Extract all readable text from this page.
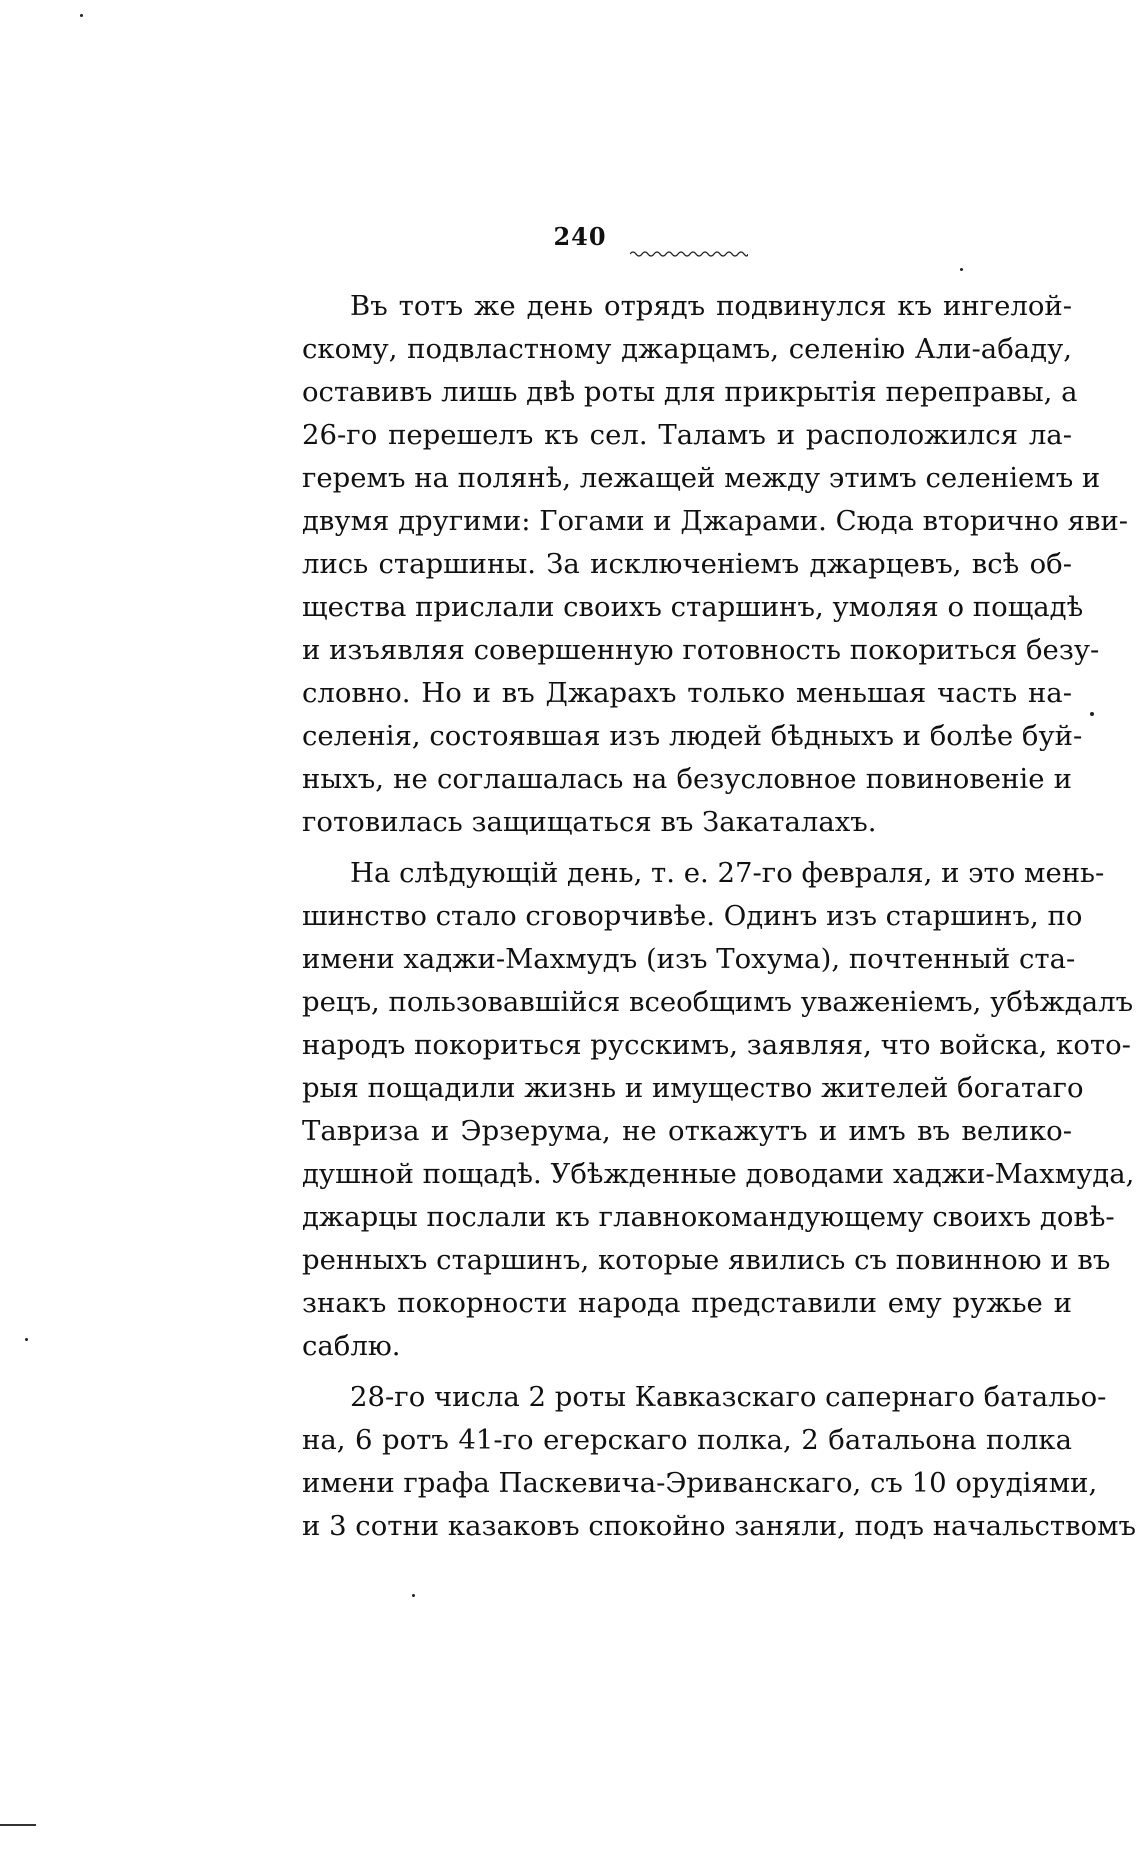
240
Въ тотъ же день отрядъ подвинулся къ ингелой-
скому, подвластному джарцамъ, селенію Али-абаду,
оставивъ лишь двѣ роты для прикрытія переправы, а
26-го перешелъ къ сел. Таламъ и расположился ла-
геремъ на полянѣ, лежащей между этимъ селеніемъ и
двумя другими: Гогами и Джарами. Сюда вторично яви-
лись старшины. За исключеніемъ джарцевъ, всѣ об-
щества прислали своихъ старшинъ, умоляя о пощадѣ
и изъявляя совершенную готовность покориться безу-
словно. Но и въ Джарахъ только меньшая часть на-
селенія, состоявшая изъ людей бѣдныхъ и болѣе буй-
ныхъ, не соглашалась на безусловное повиновеніе и
готовилась защищаться въ Закаталахъ.
На слѣдующій день, т. е. 27-го февраля, и это мень-
шинство стало сговорчивѣе. Одинъ изъ старшинъ, по
имени хаджи-Махмудъ (изъ Тохума), почтенный ста-
рецъ, пользовавшійся всеобщимъ уваженіемъ, убѣждалъ
народъ покориться русскимъ, заявляя, что войска, кото-
рыя пощадили жизнь и имущество жителей богатаго
Тавриза и Эрзерума, не откажутъ и имъ въ велико-
душной пощадѣ. Убѣжденные доводами хаджи-Махмуда,
джарцы послали къ главнокомандующему своихъ довѣ-
ренныхъ старшинъ, которые явились съ повинною и въ
знакъ покорности народа представили ему ружье и
саблю.
28-го числа 2 роты Кавказскаго сапернаго батальо-
на, 6 ротъ 41-го егерскаго полка, 2 батальона полка
имени графа Паскевича-Эриванскаго, съ 10 орудіями,
и 3 сотни казаковъ спокойно заняли, подъ начальствомъ
